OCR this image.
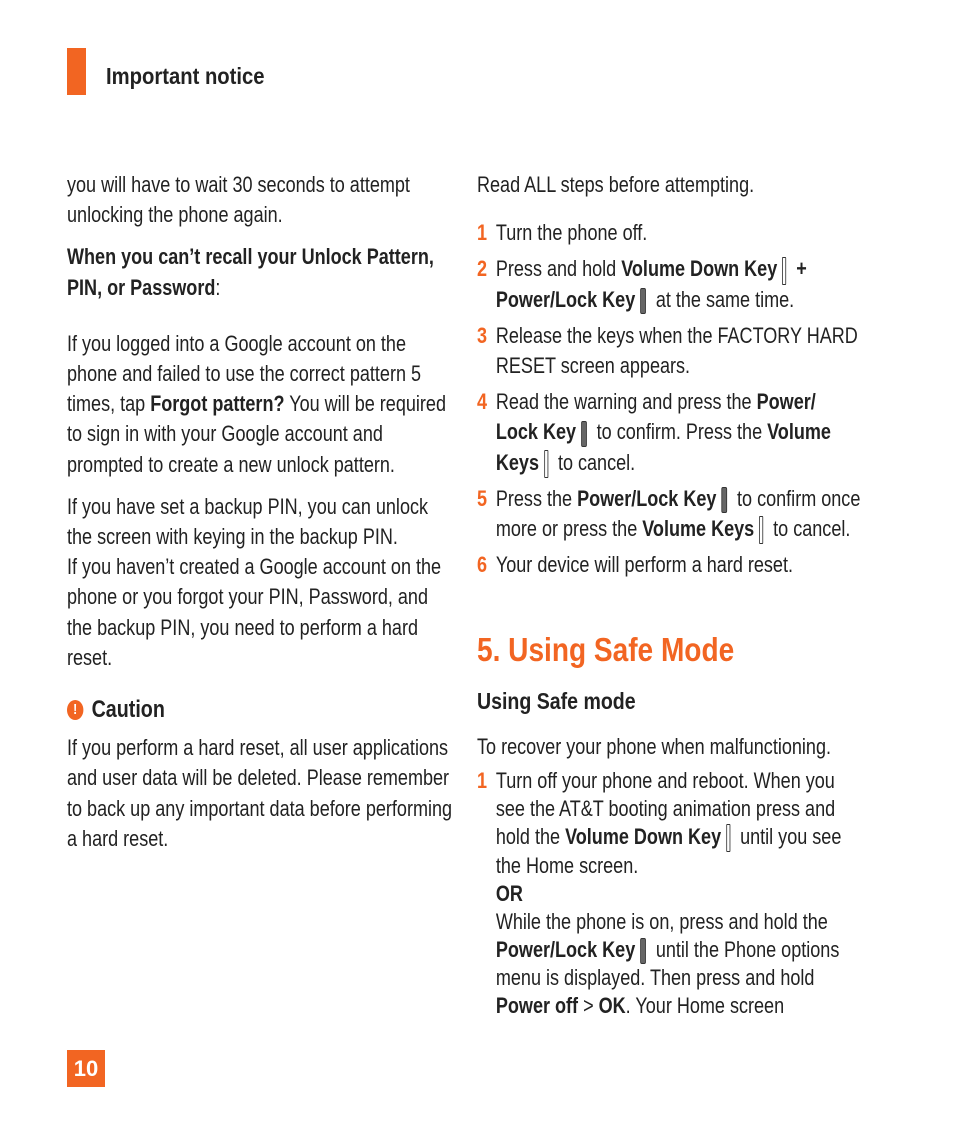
Important notice

you will have to wait 30 seconds to attempt unlocking the phone again.

When you can’t recall your Unlock Pattern, PIN, or Password:

If you logged into a Google account on the phone and failed to use the correct pattern 5 times, tap Forgot pattern? You will be required to sign in with your Google account and prompted to create a new unlock pattern.

If you have set a backup PIN, you can unlock the screen with keying in the backup PIN.

If you haven’t created a Google account on the phone or you forgot your PIN, Password, and the backup PIN, you need to perform a hard reset.

! Caution

If you perform a hard reset, all user applications and user data will be deleted. Please remember to back up any important data before performing a hard reset.

Read ALL steps before attempting.

1 Turn the phone off.
2 Press and hold Volume Down Key + Power/Lock Key at the same time.
3 Release the keys when the FACTORY HARD RESET screen appears.
4 Read the warning and press the Power/ Lock Key to confirm. Press the Volume Keys to cancel.
5 Press the Power/Lock Key to confirm once more or press the Volume Keys to cancel.
6 Your device will perform a hard reset.
5. Using Safe Mode
Using Safe mode

To recover your phone when malfunctioning.

1 Turn off your phone and reboot. When you see the AT&T booting animation press and hold the Volume Down Key until you see the Home screen.
OR
While the phone is on, press and hold the Power/Lock Key until the Phone options menu is displayed. Then press and hold Power off > OK. Your Home screen
10
